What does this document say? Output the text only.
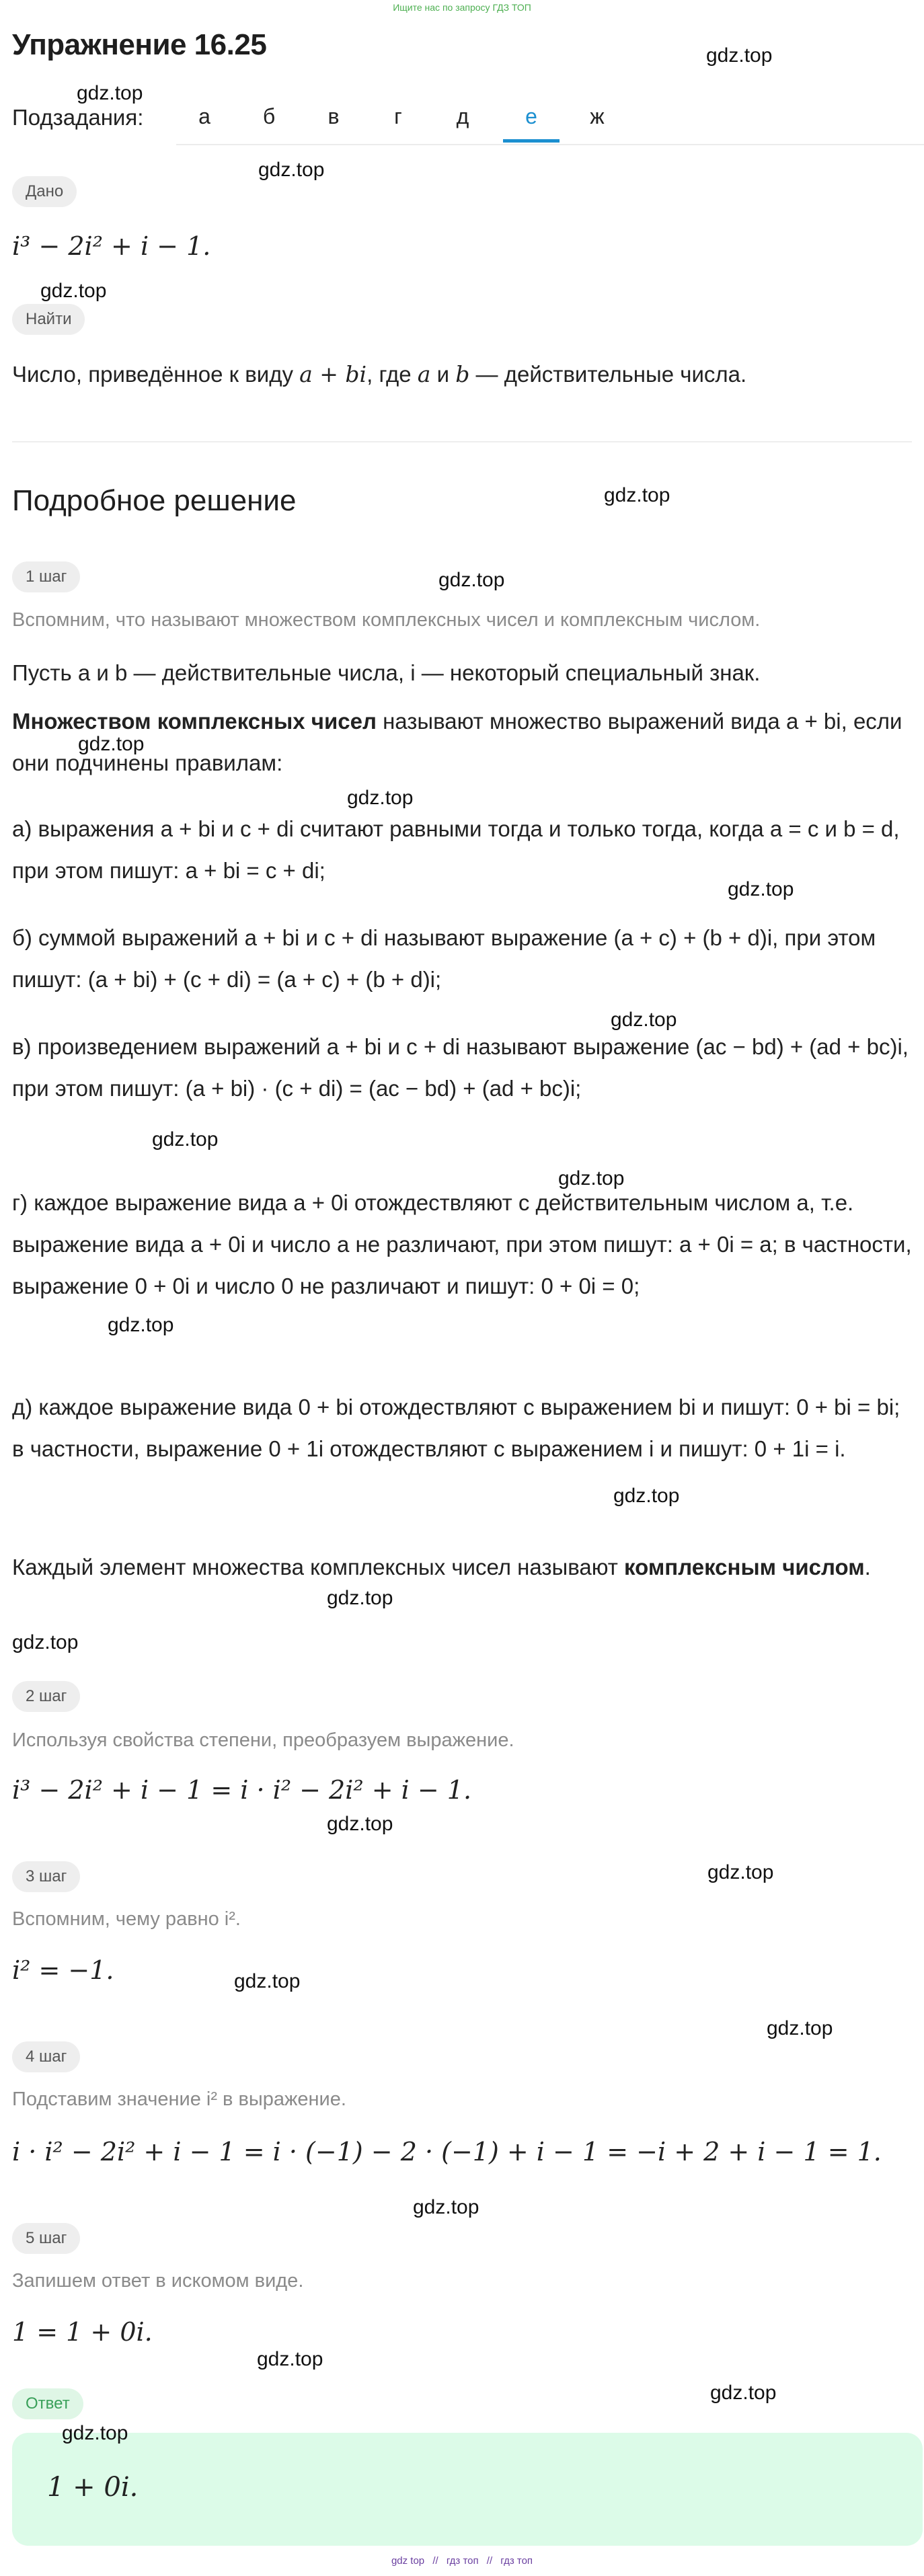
Ищите нас по запросу ГДЗ ТОП
Упражнение 16.25
Подзадания:	а	б	в	г	д	е	ж
Дано
i³ − 2i² + i − 1.
Найти

Число, приведённое к виду a + bi, где a и b — действительные числа.

Подробное решение
1 шаг

Вспомним, что называют множеством комплексных чисел и комплексным числом.

Пусть a и b — действительные числа, i — некоторый специальный знак.

Множеством комплексных чисел называют множество выражений вида a + bi, если они подчинены правилам:

а) выражения a + bi и c + di считают равными тогда и только тогда, когда a = c и b = d, при этом пишут: a + bi = c + di;

б) суммой выражений a + bi и c + di называют выражение (a + c) + (b + d)i, при этом пишут: (a + bi) + (c + di) = (a + c) + (b + d)i;

в) произведением выражений a + bi и c + di называют выражение (ac − bd) + (ad + bc)i, при этом пишут: (a + bi) · (c + di) = (ac − bd) + (ad + bc)i;

г) каждое выражение вида a + 0i отождествляют с действительным числом a, т.е. выражение вида a + 0i и число a не различают, при этом пишут: a + 0i = a; в частности, выражение 0 + 0i и число 0 не различают и пишут: 0 + 0i = 0;

д) каждое выражение вида 0 + bi отождествляют с выражением bi и пишут: 0 + bi = bi; в частности, выражение 0 + 1i отождествляют с выражением i и пишут: 0 + 1i = i.

Каждый элемент множества комплексных чисел называют комплексным числом.

2 шаг

Используя свойства степени, преобразуем выражение.

i³ − 2i² + i − 1 = i · i² − 2i² + i − 1.

3 шаг

Вспомним, чему равно i².

i² = −1.

4 шаг

Подставим значение i² в выражение.

i · i² − 2i² + i − 1 = i · (−1) − 2 · (−1) + i − 1 = −i + 2 + i − 1 = 1.

5 шаг

Запишем ответ в искомом виде.

1 = 1 + 0i.

Ответ
1 + 0i.
gdz.top
gdz.top
gdz.top
gdz.top
gdz.top
gdz.top
gdz.top
gdz.top
gdz.top
gdz.top
gdz.top
gdz.top
gdz.top
gdz.top
gdz.top
gdz.top
gdz.top
gdz.top
gdz.top
gdz.top
gdz.top
gdz.top
gdz.top
gdz.top
gdz top // гдз топ // гдз топ
